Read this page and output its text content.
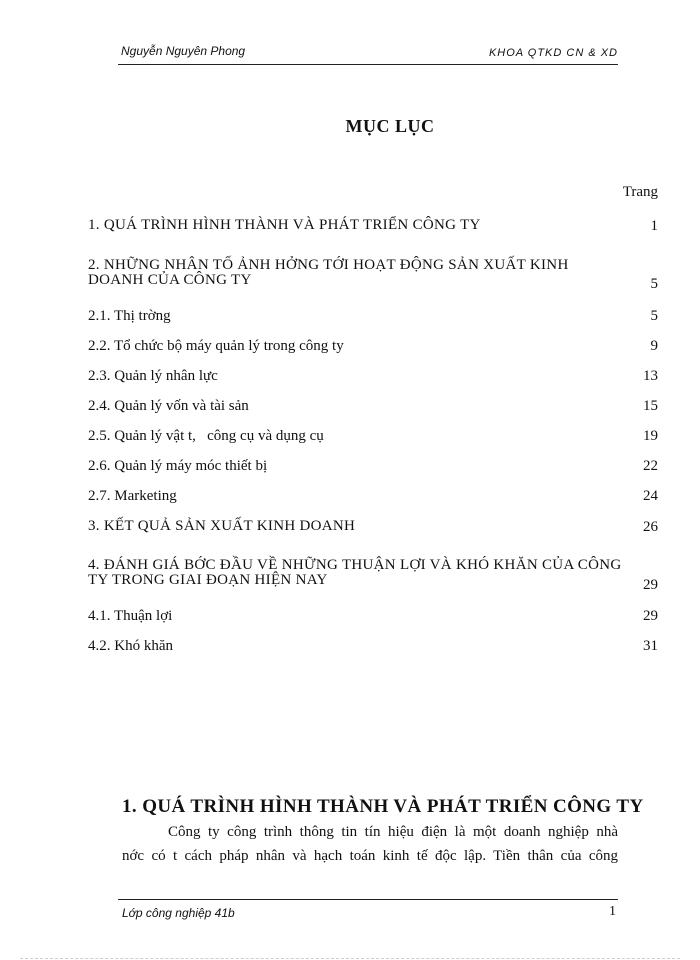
Nguyễn Nguyên Phong	KHOA QTKD CN & XD
MỤC LỤC
Trang
1. QUÁ TRÌNH HÌNH THÀNH VÀ PHÁT TRIỂN CÔNG TY	1
2. NHỮNG NHÂN TỐ ẢNH HỞNG TỚI HOẠT ĐỘNG SẢN XUẤT KINH DOANH CỦA CÔNG TY	5
2.1. Thị trờng	5
2.2. Tổ chức bộ máy quản lý trong công ty	9
2.3. Quản lý nhân lực	13
2.4. Quản lý vốn và tài sản	15
2.5. Quản lý vật t,   công cụ và dụng cụ	19
2.6. Quản lý máy móc thiết bị	22
2.7. Marketing	24
3. KẾT QUẢ SẢN XUẤT KINH DOANH	26
4. ĐÁNH GIÁ BỚC ĐẦU VỀ NHỮNG THUẬN LỢI VÀ KHÓ KHĂN CỦA CÔNG TY TRONG GIAI ĐOẠN HIỆN NAY	29
4.1. Thuận lợi	29
4.2. Khó khăn	31
1. QUÁ TRÌNH HÌNH THÀNH VÀ PHÁT TRIỂN CÔNG TY
Công ty công trình thông tin tín hiệu điện là một doanh nghiệp nhà
nớc có t cách pháp nhân và hạch toán kinh tế độc lập. Tiền thân của công
Lớp công nghiệp 41b	1
